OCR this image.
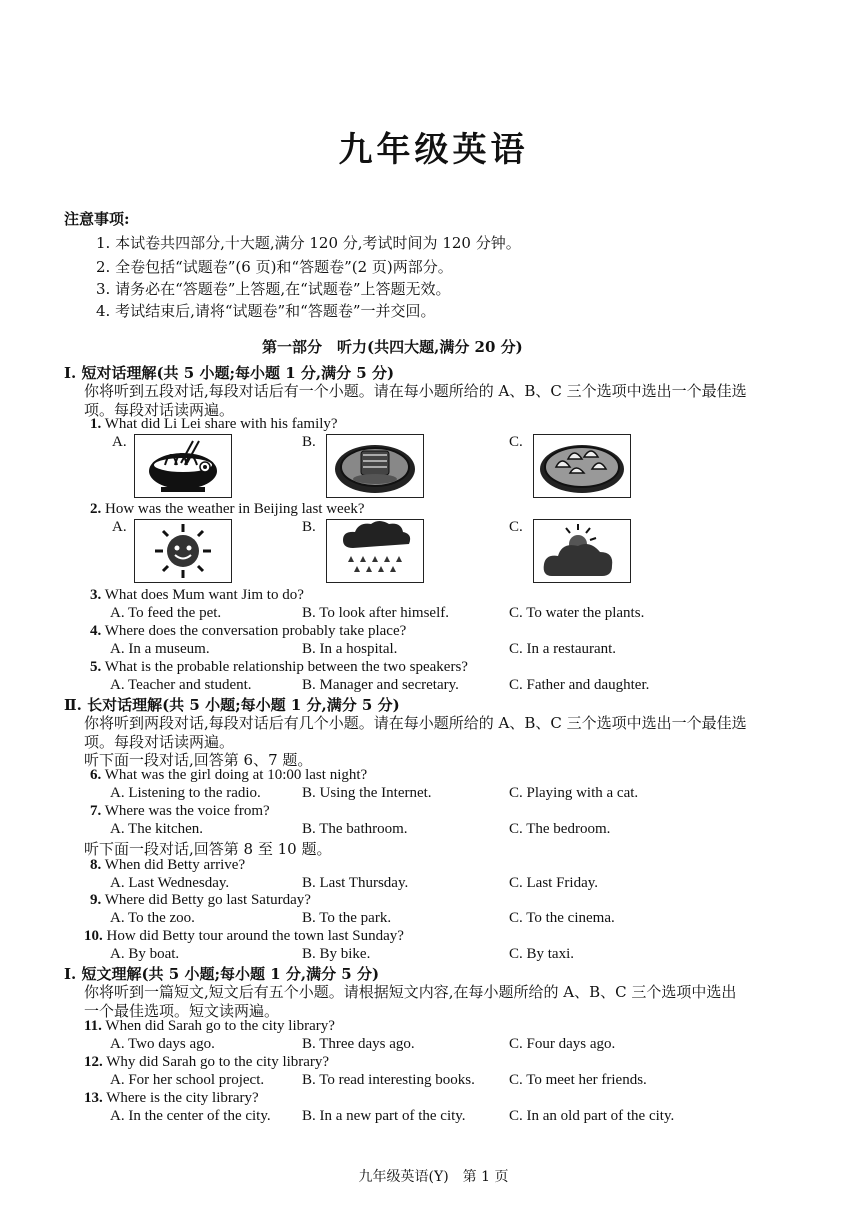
九年级英语
注意事项:
1. 本试卷共四部分,十大题,满分 120 分,考试时间为 120 分钟。
2. 全卷包括“试题卷”(6 页)和“答题卷”(2 页)两部分。
3. 请务必在“答题卷”上答题,在“试题卷”上答题无效。
4. 考试结束后,请将“试题卷”和“答题卷”一并交回。
第一部分　听力(共四大题,满分 20 分)
Ⅰ. 短对话理解(共 5 小题;每小题 1 分,满分 5 分)
你将听到五段对话,每段对话后有一个小题。请在每小题所给的 A、B、C 三个选项中选出一个最佳选
项。每段对话读两遍。
1. What did Li Lei share with his family?
A.	B.	C.
2. How was the weather in Beijing last week?
A.	B.	C.
3. What does Mum want Jim to do?
A. To feed the pet.	B. To look after himself.	C. To water the plants.
4. Where does the conversation probably take place?
A. In a museum.	B. In a hospital.	C. In a restaurant.
5. What is the probable relationship between the two speakers?
A. Teacher and student.	B. Manager and secretary.	C. Father and daughter.
Ⅱ. 长对话理解(共 5 小题;每小题 1 分,满分 5 分)
你将听到两段对话,每段对话后有几个小题。请在每小题所给的 A、B、C 三个选项中选出一个最佳选
项。每段对话读两遍。
听下面一段对话,回答第 6、7 题。
6. What was the girl doing at 10:00 last night?
A. Listening to the radio.	B. Using the Internet.	C. Playing with a cat.
7. Where was the voice from?
A. The kitchen.	B. The bathroom.	C. The bedroom.
听下面一段对话,回答第 8 至 10 题。
8. When did Betty arrive?
A. Last Wednesday.	B. Last Thursday.	C. Last Friday.
9. Where did Betty go last Saturday?
A. To the zoo.	B. To the park.	C. To the cinema.
10. How did Betty tour around the town last Sunday?
A. By boat.	B. By bike.	C. By taxi.
Ⅰ. 短文理解(共 5 小题;每小题 1 分,满分 5 分)
你将听到一篇短文,短文后有五个小题。请根据短文内容,在每小题所给的 A、B、C 三个选项中选出
一个最佳选项。短文读两遍。
11. When did Sarah go to the city library?
A. Two days ago.	B. Three days ago.	C. Four days ago.
12. Why did Sarah go to the city library?
A. For her school project.	B. To read interesting books. C. To meet her friends.
13. Where is the city library?
A. In the center of the city. B. In a new part of the city.	C. In an old part of the city.
九年级英语(Y)　第 1 页
